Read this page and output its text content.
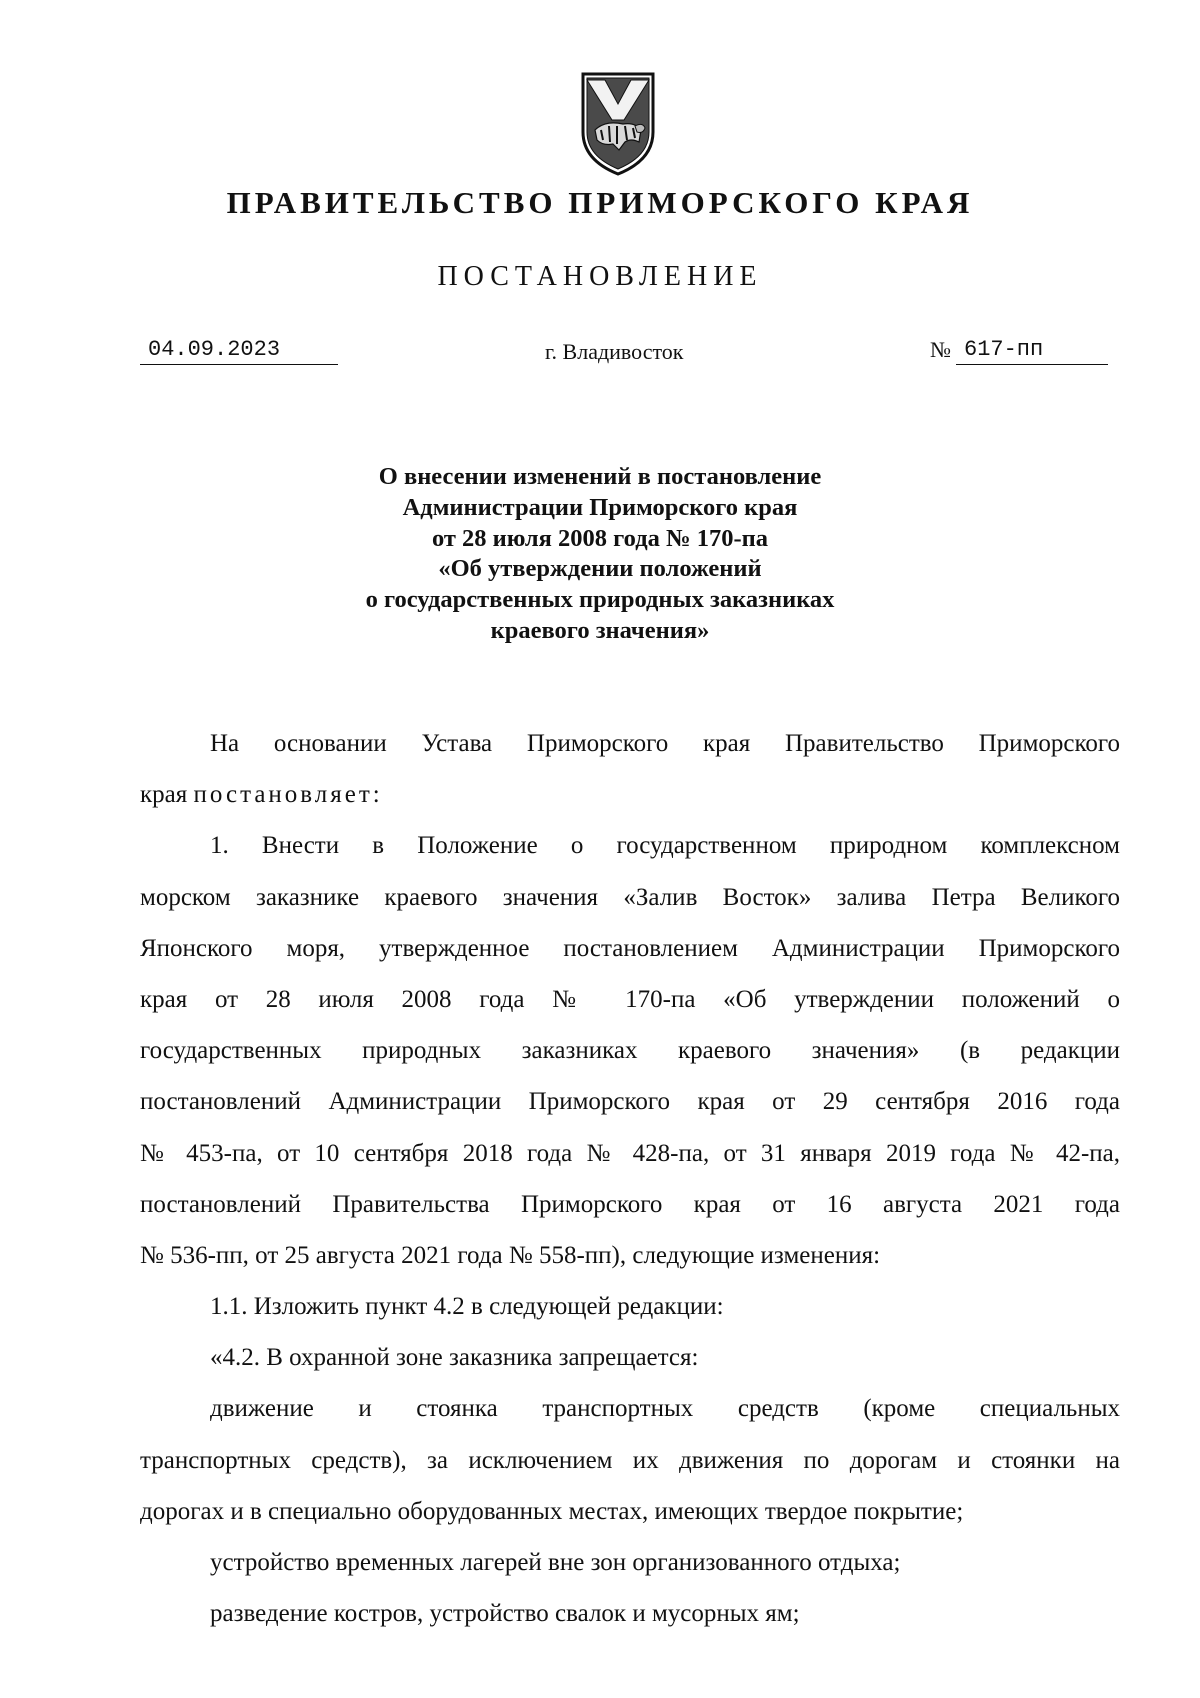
ПРАВИТЕЛЬСТВО ПРИМОРСКОГО КРАЯ
ПОСТАНОВЛЕНИЕ
04.09.2023	г. Владивосток	№ 617-пп
О внесении изменений в постановление
Администрации Приморского края
от 28 июля 2008 года № 170-па
«Об утверждении положений
о государственных природных заказниках
краевого значения»
На основании Устава Приморского края Правительство Приморского
края постановляет:
1. Внести в Положение о государственном природном комплексном
морском заказнике краевого значения «Залив Восток» залива Петра Великого
Японского моря, утвержденное постановлением Администрации Приморского
края от 28 июля 2008 года № 170-па «Об утверждении положений о
государственных природных заказниках краевого значения» (в редакции
постановлений Администрации Приморского края от 29 сентября 2016 года
№ 453-па, от 10 сентября 2018 года № 428-па, от 31 января 2019 года № 42-па,
постановлений Правительства Приморского края от 16 августа 2021 года
№ 536-пп, от 25 августа 2021 года № 558-пп), следующие изменения:
1.1. Изложить пункт 4.2 в следующей редакции:
«4.2. В охранной зоне заказника запрещается:
движение и стоянка транспортных средств (кроме специальных
транспортных средств), за исключением их движения по дорогам и стоянки на
дорогах и в специально оборудованных местах, имеющих твердое покрытие;
устройство временных лагерей вне зон организованного отдыха;
разведение костров, устройство свалок и мусорных ям;
